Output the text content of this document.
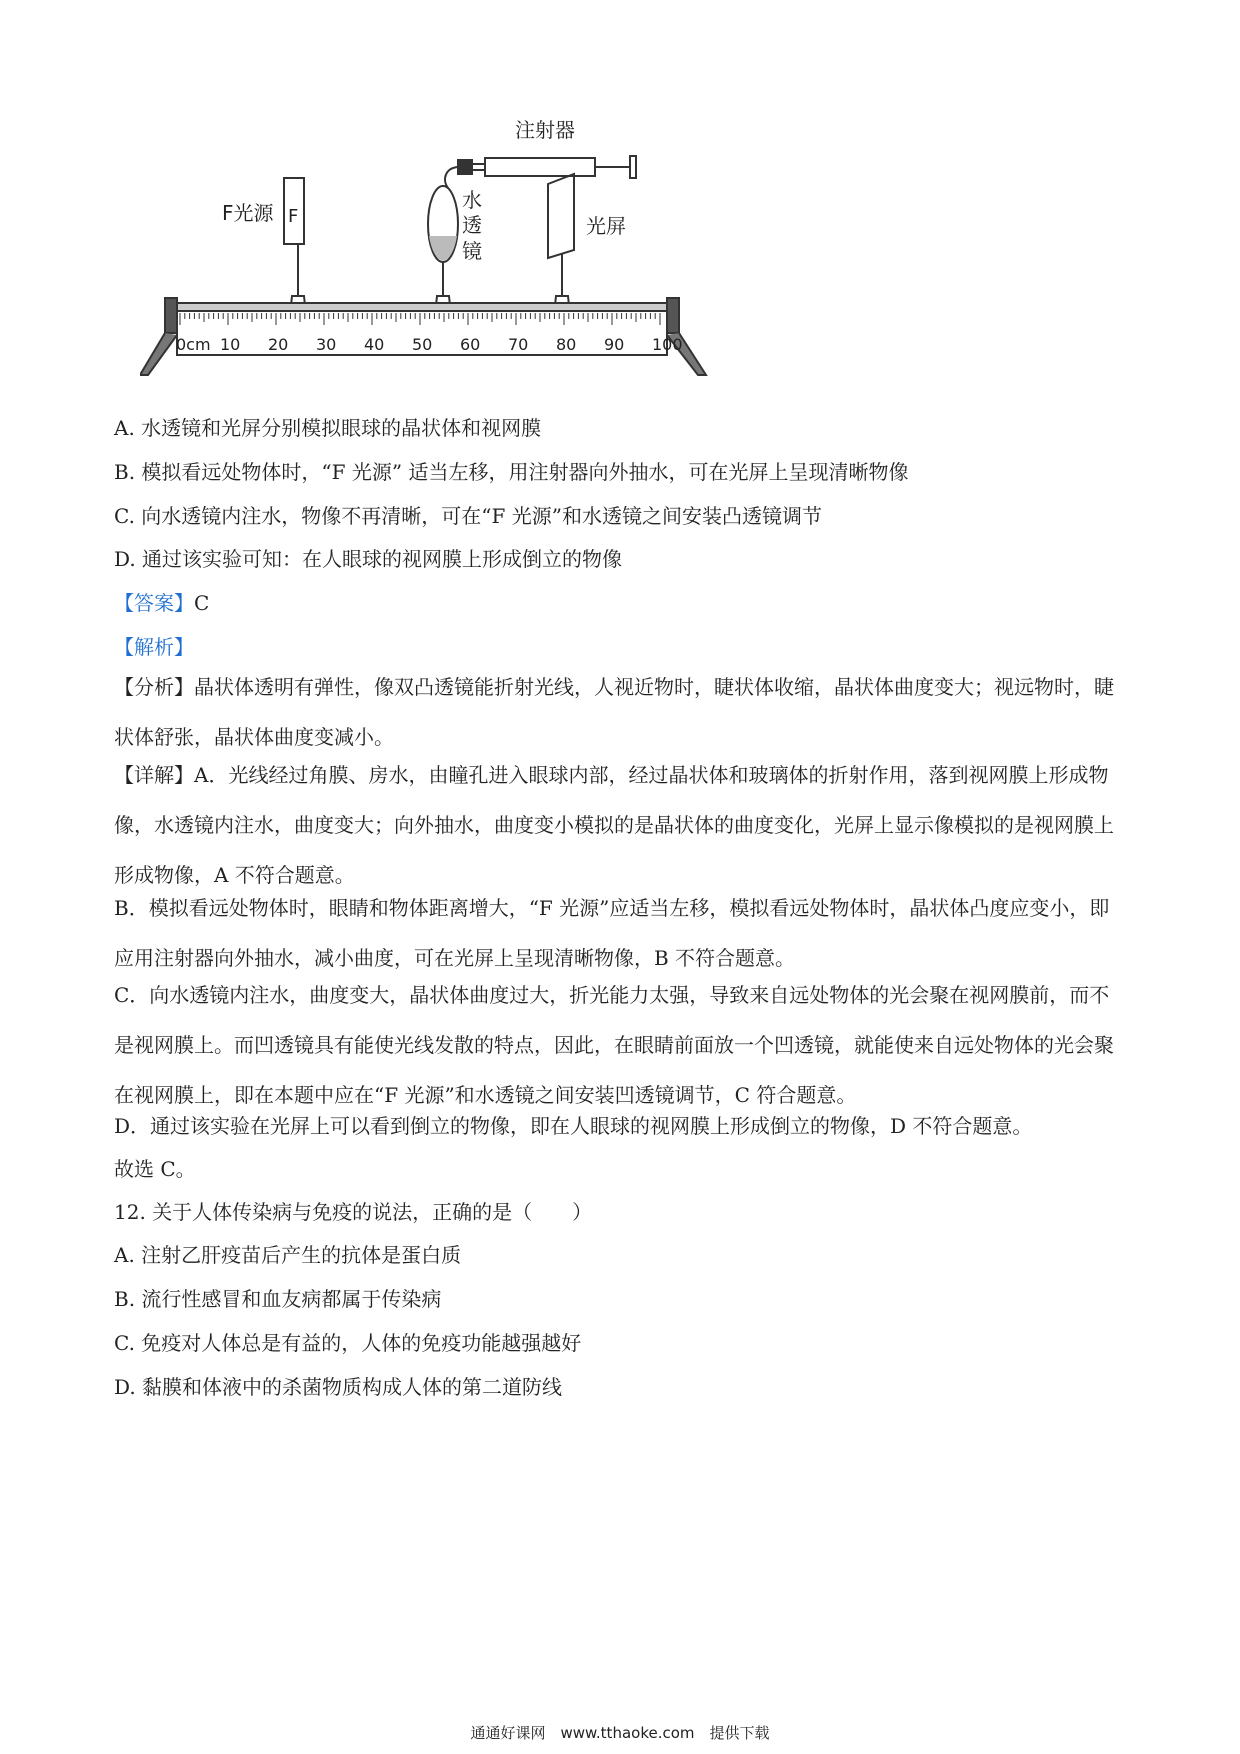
注射器
F
F光源
水
透
镜
光屏
0cm 10 20 30 40 50 60 70 80 90 100
A. 水透镜和光屏分别模拟眼球的晶状体和视网膜
B. 模拟看远处物体时，“F 光源” 适当左移，用注射器向外抽水，可在光屏上呈现清晰物像
C. 向水透镜内注水，物像不再清晰，可在“F 光源”和水透镜之间安装凸透镜调节
D. 通过该实验可知：在人眼球的视网膜上形成倒立的物像
【答案】C
【解析】
【分析】晶状体透明有弹性，像双凸透镜能折射光线，人视近物时，睫状体收缩，晶状体曲度变大；视远物时，睫状体舒张，晶状体曲度变减小。
【详解】A．光线经过角膜、房水，由瞳孔进入眼球内部，经过晶状体和玻璃体的折射作用，落到视网膜上形成物像，水透镜内注水，曲度变大；向外抽水，曲度变小模拟的是晶状体的曲度变化，光屏上显示像模拟的是视网膜上形成物像，A 不符合题意。
B．模拟看远处物体时，眼睛和物体距离增大，“F 光源”应适当左移，模拟看远处物体时，晶状体凸度应变小，即应用注射器向外抽水，减小曲度，可在光屏上呈现清晰物像，B 不符合题意。
C．向水透镜内注水，曲度变大，晶状体曲度过大，折光能力太强，导致来自远处物体的光会聚在视网膜前，而不是视网膜上。而凹透镜具有能使光线发散的特点，因此，在眼睛前面放一个凹透镜，就能使来自远处物体的光会聚在视网膜上，即在本题中应在“F 光源”和水透镜之间安装凹透镜调节，C 符合题意。
D．通过该实验在光屏上可以看到倒立的物像，即在人眼球的视网膜上形成倒立的物像，D 不符合题意。
故选 C。
12. 关于人体传染病与免疫的说法，正确的是（　　）
A. 注射乙肝疫苗后产生的抗体是蛋白质
B. 流行性感冒和血友病都属于传染病
C. 免疫对人体总是有益的，人体的免疫功能越强越好
D. 黏膜和体液中的杀菌物质构成人体的第二道防线
通通好课网　www.tthaoke.com　提供下载
